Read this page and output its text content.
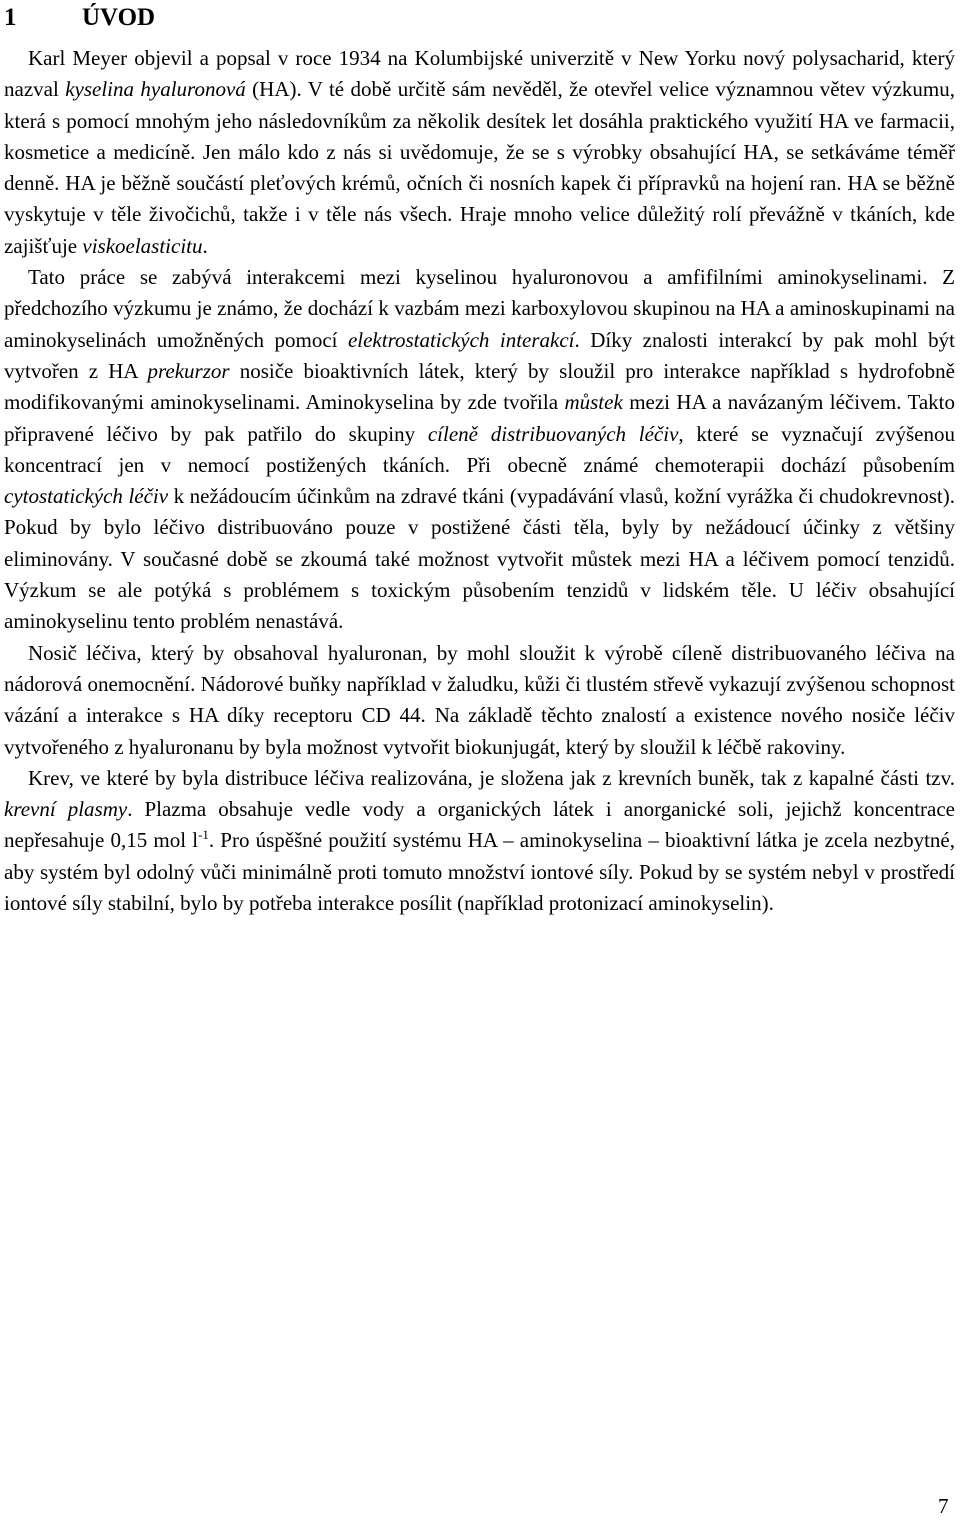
1	ÚVOD

Karl Meyer objevil a popsal v roce 1934 na Kolumbijské univerzitě v New Yorku nový polysacharid, který nazval kyselina hyaluronová (HA). V té době určitě sám nevěděl, že otevřel velice významnou větev výzkumu, která s pomocí mnohým jeho následovníkům za několik desítek let dosáhla praktického využití HA ve farmacii, kosmetice a medicíně. Jen málo kdo z nás si uvědomuje, že se s výrobky obsahující HA, se setkáváme téměř denně. HA je běžně součástí pleťových krémů, očních či nosních kapek či přípravků na hojení ran. HA se běžně vyskytuje v těle živočichů, takže i v těle nás všech. Hraje mnoho velice důležitý rolí převážně v tkáních, kde zajišťuje viskoelasticitu.

Tato práce se zabývá interakcemi mezi kyselinou hyaluronovou a amfifilními aminokyselinami. Z předchozího výzkumu je známo, že dochází k vazbám mezi karboxylovou skupinou na HA a aminoskupinami na aminokyselinách umožněných pomocí elektrostatických interakcí. Díky znalosti interakcí by pak mohl být vytvořen z HA prekurzor nosiče bioaktivních látek, který by sloužil pro interakce například s hydrofobně modifikovanými aminokyselinami. Aminokyselina by zde tvořila můstek mezi HA a navázaným léčivem. Takto připravené léčivo by pak patřilo do skupiny cíleně distribuovaných léčiv, které se vyznačují zvýšenou koncentrací jen v nemocí postižených tkáních. Při obecně známé chemoterapii dochází působením cytostatických léčiv k nežádoucím účinkům na zdravé tkáni (vypadávání vlasů, kožní vyrážka či chudokrevnost). Pokud by bylo léčivo distribuováno pouze v postižené části těla, byly by nežádoucí účinky z většiny eliminovány. V současné době se zkoumá také možnost vytvořit můstek mezi HA a léčivem pomocí tenzidů. Výzkum se ale potýká s problémem s toxickým působením tenzidů v lidském těle. U léčiv obsahující aminokyselinu tento problém nenastává.

Nosič léčiva, který by obsahoval hyaluronan, by mohl sloužit k výrobě cíleně distribuovaného léčiva na nádorová onemocnění. Nádorové buňky například v žaludku, kůži či tlustém střevě vykazují zvýšenou schopnost vázání a interakce s HA díky receptoru CD 44. Na základě těchto znalostí a existence nového nosiče léčiv vytvořeného z hyaluronanu by byla možnost vytvořit biokunjugát, který by sloužil k léčbě rakoviny.

Krev, ve které by byla distribuce léčiva realizována, je složena jak z krevních buněk, tak z kapalné části tzv. krevní plasmy. Plazma obsahuje vedle vody a organických látek i anorganické soli, jejichž koncentrace nepřesahuje 0,15 mol $l^{-1}$. Pro úspěšné použití systému HA – aminokyselina – bioaktivní látka je zcela nezbytné, aby systém byl odolný vůči minimálně proti tomuto množství iontové síly. Pokud by se systém nebyl v prostředí iontové síly stabilní, bylo by potřeba interakce posílit (například protonizací aminokyselin).

7
